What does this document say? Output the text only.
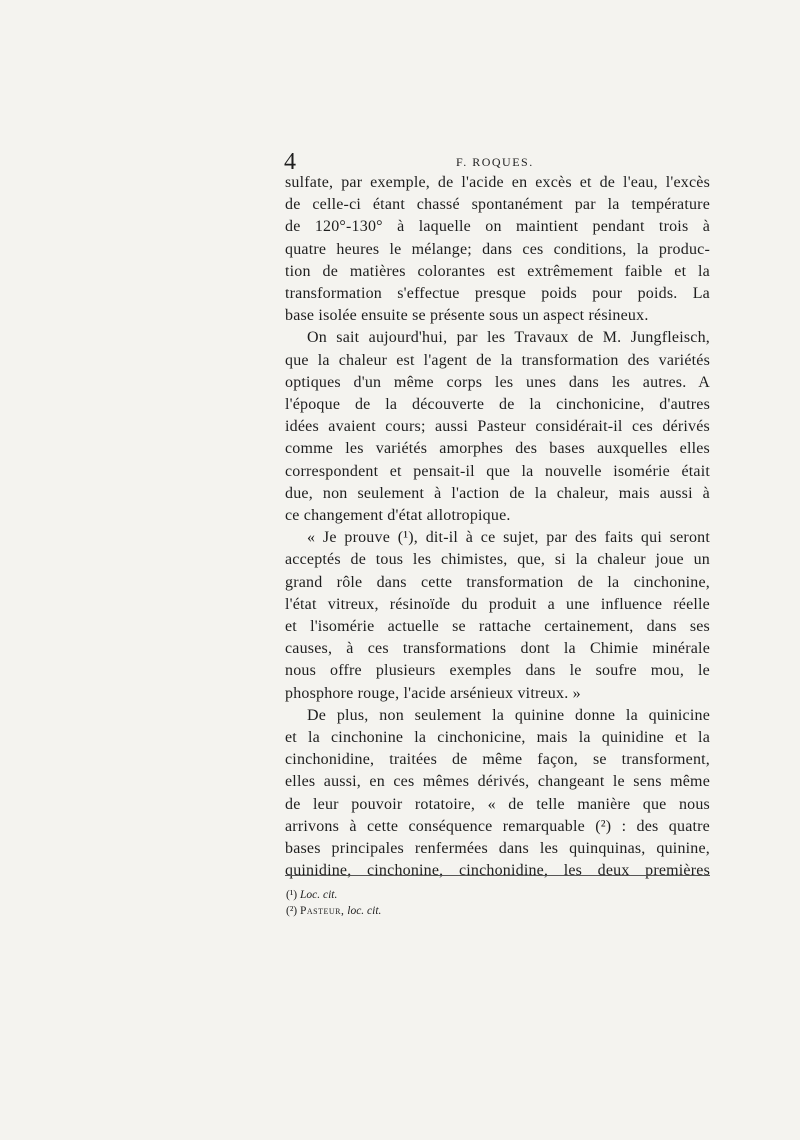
4	F. ROQUES.
sulfate, par exemple, de l'acide en excès et de l'eau, l'excès
de celle-ci étant chassé spontanément par la température
de 120°-130° à laquelle on maintient pendant trois à
quatre heures le mélange; dans ces conditions, la produc-
tion de matières colorantes est extrêmement faible et la
transformation s'effectue presque poids pour poids. La
base isolée ensuite se présente sous un aspect résineux.
On sait aujourd'hui, par les Travaux de M. Jungfleisch,
que la chaleur est l'agent de la transformation des variétés
optiques d'un même corps les unes dans les autres. A
l'époque de la découverte de la cinchonicine, d'autres
idées avaient cours; aussi Pasteur considérait-il ces dérivés
comme les variétés amorphes des bases auxquelles elles
correspondent et pensait-il que la nouvelle isomérie était
due, non seulement à l'action de la chaleur, mais aussi à
ce changement d'état allotropique.
« Je prouve (¹), dit-il à ce sujet, par des faits qui seront
acceptés de tous les chimistes, que, si la chaleur joue un
grand rôle dans cette transformation de la cinchonine,
l'état vitreux, résinoïde du produit a une influence réelle
et l'isomérie actuelle se rattache certainement, dans ses
causes, à ces transformations dont la Chimie minérale
nous offre plusieurs exemples dans le soufre mou, le
phosphore rouge, l'acide arsénieux vitreux. »
De plus, non seulement la quinine donne la quinicine
et la cinchonine la cinchonicine, mais la quinidine et la
cinchonidine, traitées de même façon, se transforment,
elles aussi, en ces mêmes dérivés, changeant le sens même
de leur pouvoir rotatoire, « de telle manière que nous
arrivons à cette conséquence remarquable (²) : des quatre
bases principales renfermées dans les quinquinas, quinine,
quinidine, cinchonine, cinchonidine, les deux premières
(¹) Loc. cit.
(²) Pasteur, loc. cit.
